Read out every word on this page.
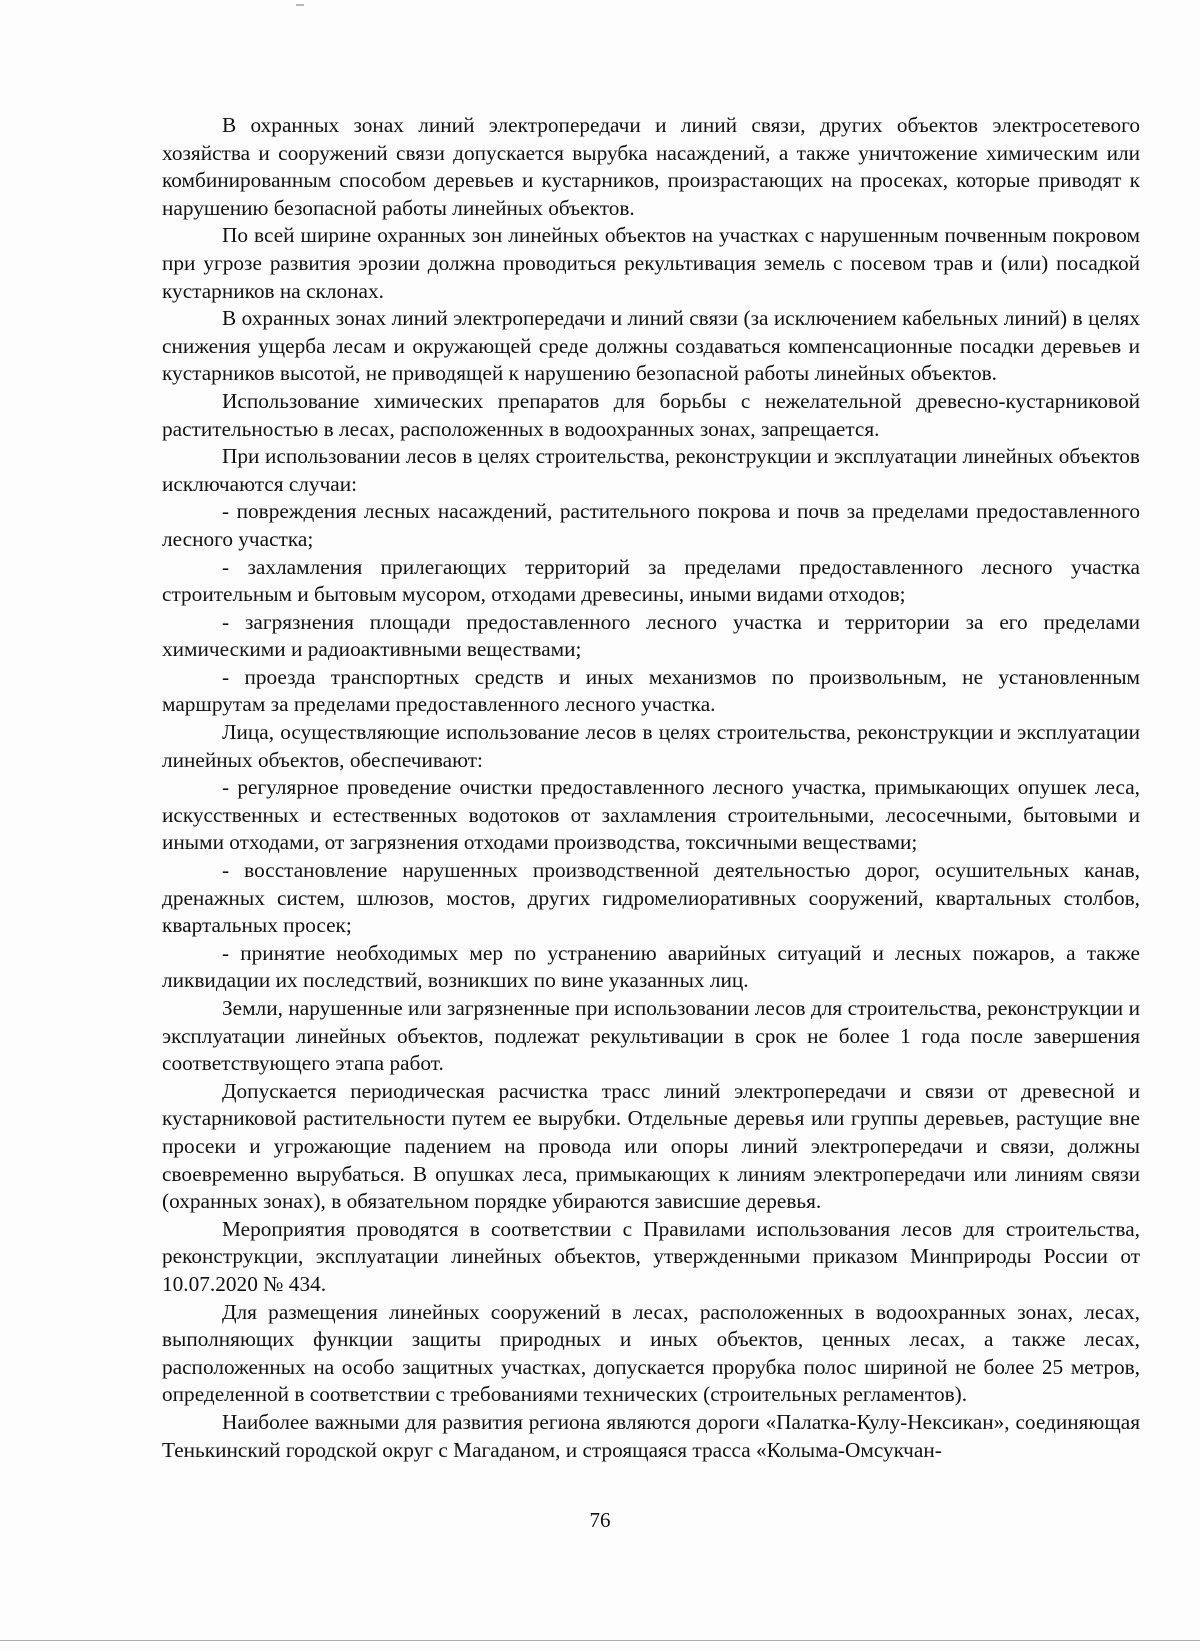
В охранных зонах линий электропередачи и линий связи, других объектов электросетевого хозяйства и сооружений связи допускается вырубка насаждений, а также уничтожение химическим или комбинированным способом деревьев и кустарников, произрастающих на просеках, которые приводят к нарушению безопасной работы линейных объектов.

По всей ширине охранных зон линейных объектов на участках с нарушенным почвенным покровом при угрозе развития эрозии должна проводиться рекультивация земель с посевом трав и (или) посадкой кустарников на склонах.

В охранных зонах линий электропередачи и линий связи (за исключением кабельных линий) в целях снижения ущерба лесам и окружающей среде должны создаваться компенсационные посадки деревьев и кустарников высотой, не приводящей к нарушению безопасной работы линейных объектов.

Использование химических препаратов для борьбы с нежелательной древесно-кустарниковой растительностью в лесах, расположенных в водоохранных зонах, запрещается.

При использовании лесов в целях строительства, реконструкции и эксплуатации линейных объектов исключаются случаи:

- повреждения лесных насаждений, растительного покрова и почв за пределами предоставленного лесного участка;

- захламления прилегающих территорий за пределами предоставленного лесного участка строительным и бытовым мусором, отходами древесины, иными видами отходов;

- загрязнения площади предоставленного лесного участка и территории за его пределами химическими и радиоактивными веществами;

- проезда транспортных средств и иных механизмов по произвольным, не установленным маршрутам за пределами предоставленного лесного участка.

Лица, осуществляющие использование лесов в целях строительства, реконструкции и эксплуатации линейных объектов, обеспечивают:

- регулярное проведение очистки предоставленного лесного участка, примыкающих опушек леса, искусственных и естественных водотоков от захламления строительными, лесосечными, бытовыми и иными отходами, от загрязнения отходами производства, токсичными веществами;

- восстановление нарушенных производственной деятельностью дорог, осушительных канав, дренажных систем, шлюзов, мостов, других гидромелиоративных сооружений, квартальных столбов, квартальных просек;

- принятие необходимых мер по устранению аварийных ситуаций и лесных пожаров, а также ликвидации их последствий, возникших по вине указанных лиц.

Земли, нарушенные или загрязненные при использовании лесов для строительства, реконструкции и эксплуатации линейных объектов, подлежат рекультивации в срок не более 1 года после завершения соответствующего этапа работ.

Допускается периодическая расчистка трасс линий электропередачи и связи от древесной и кустарниковой растительности путем ее вырубки. Отдельные деревья или группы деревьев, растущие вне просеки и угрожающие падением на провода или опоры линий электропередачи и связи, должны своевременно вырубаться. В опушках леса, примыкающих к линиям электропередачи или линиям связи (охранных зонах), в обязательном порядке убираются зависшие деревья.

Мероприятия проводятся в соответствии с Правилами использования лесов для строительства, реконструкции, эксплуатации линейных объектов, утвержденными приказом Минприроды России от 10.07.2020 № 434.

Для размещения линейных сооружений в лесах, расположенных в водоохранных зонах, лесах, выполняющих функции защиты природных и иных объектов, ценных лесах, а также лесах, расположенных на особо защитных участках, допускается прорубка полос шириной не более 25 метров, определенной в соответствии с требованиями технических (строительных регламентов).

Наиболее важными для развития региона являются дороги «Палатка-Кулу-Нексикан», соединяющая Тенькинский городской округ с Магаданом, и строящаяся трасса «Колыма-Омсукчан-

76
